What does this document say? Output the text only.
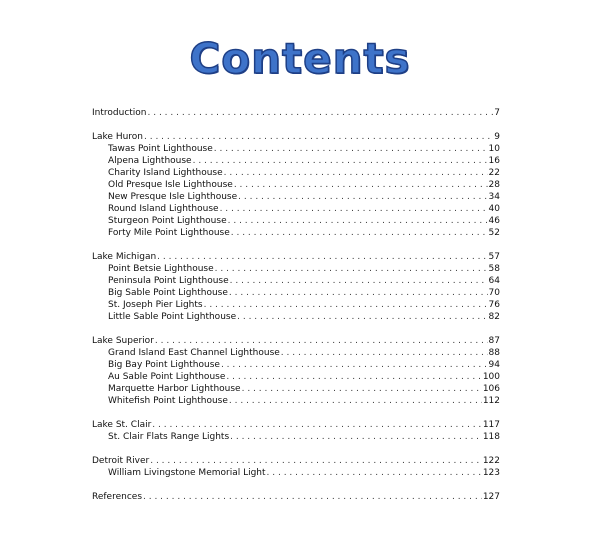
Contents
Introduction . . .	7
Lake Huron . . .	9
Tawas Point Lighthouse . . .	10
Alpena Lighthouse . . .	16
Charity Island Lighthouse . . .	22
Old Presque Isle Lighthouse . . .	28
New Presque Isle Lighthouse . . .	34
Round Island Lighthouse . . .	40
Sturgeon Point Lighthouse . . .	46
Forty Mile Point Lighthouse . . .	52
Lake Michigan . . .	57
Point Betsie Lighthouse . . .	58
Peninsula Point Lighthouse . . .	64
Big Sable Point Lighthouse . . .	70
St. Joseph Pier Lights . . .	76
Little Sable Point Lighthouse . . .	82
Lake Superior . . .	87
Grand Island East Channel Lighthouse . . .	88
Big Bay Point Lighthouse . . .	94
Au Sable Point Lighthouse . . .	100
Marquette Harbor Lighthouse . . .	106
Whitefish Point Lighthouse . . .	112
Lake St. Clair . . .	117
St. Clair Flats Range Lights . . .	118
Detroit River . . .	122
William Livingstone Memorial Light . . .	123
References . . .	127
